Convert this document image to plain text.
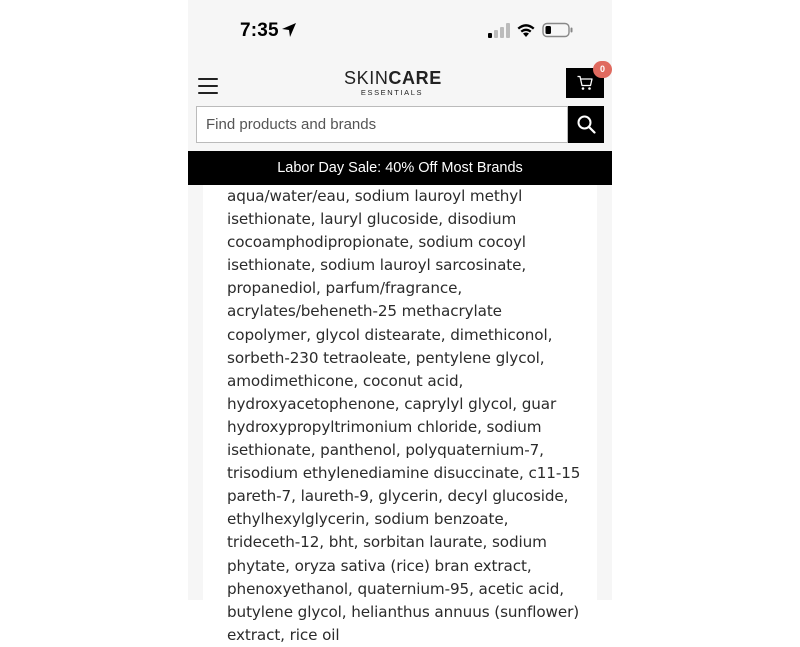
7:35
SKINCARE
ESSENTIALS
0
Find products and brands
Labor Day Sale: 40% Off Most Brands
aqua/water/eau, sodium lauroyl methyl isethionate, lauryl glucoside, disodium cocoamphodipropionate, sodium cocoyl isethionate, sodium lauroyl sarcosinate, propanediol, parfum/fragrance, acrylates/beheneth-25 methacrylate copolymer, glycol distearate, dimethiconol, sorbeth-230 tetraoleate, pentylene glycol, amodimethicone, coconut acid, hydroxyacetophenone, caprylyl glycol, guar hydroxypropyltrimonium chloride, sodium isethionate, panthenol, polyquaternium-7, trisodium ethylenediamine disuccinate, c11-15 pareth-7, laureth-9, glycerin, decyl glucoside, ethylhexylglycerin, sodium benzoate, trideceth-12, bht, sorbitan laurate, sodium phytate, oryza sativa (rice) bran extract, phenoxyethanol, quaternium-95, acetic acid, butylene glycol, helianthus annuus (sunflower) extract, rice oil
